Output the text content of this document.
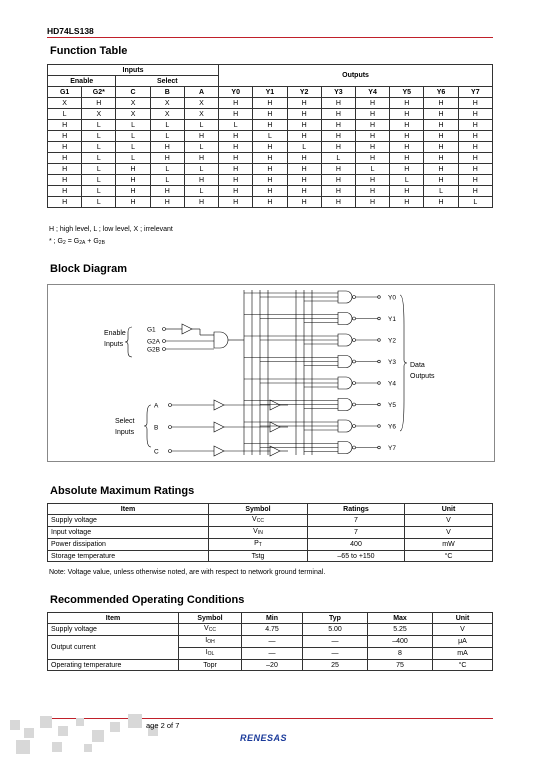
HD74LS138
Function Table
Inputs					Outputs							
Enable		Select										
G1	G2*	C	B	A	Y0	Y1	Y2	Y3	Y4	Y5	Y6	Y7
X	H	X	X	X	H	H	H	H	H	H	H	H
L	X	X	X	X	H	H	H	H	H	H	H	H
H	L	L	L	L	L	H	H	H	H	H	H	H
H	L	L	L	H	H	L	H	H	H	H	H	H
H	L	L	H	L	H	H	L	H	H	H	H	H
H	L	L	H	H	H	H	H	L	H	H	H	H
H	L	H	L	L	H	H	H	H	L	H	H	H
H	L	H	L	H	H	H	H	H	H	L	H	H
H	L	H	H	L	H	H	H	H	H	H	L	H
H	L	H	H	H	H	H	H	H	H	H	H	L
H ; high level, L ; low level, X ; irrelevant
* ; $G_2 = G_{2A} + G_{2B}$
Block Diagram
Enable
Inputs
Select
Inputs
Data
Outputs
G1
G2A
G2B
A
B
C
Y0
Y1
Y2
Y3
Y4
Y5
Y6
Y7
Absolute Maximum Ratings
Item	Symbol	Ratings	Unit
Supply voltage	$V_{CC}$	7	V
Input voltage	$V_{IN}$	7	V
Power dissipation	$P_T$	400	mW
Storage temperature	Tstg	–65 to +150	°C
Note: Voltage value, unless otherwise noted, are with respect to network ground terminal.
Recommended Operating Conditions
Item	Symbol	Min	Typ	Max	Unit
Supply voltage	$V_{CC}$	4.75	5.00	5.25	V
Output current	$I_{OH}$	—	—	–400	μA
	$I_{OL}$	—	—	8	mA
Operating temperature	Topr	–20	25	75	°C
age 2 of 7
RENESAS
